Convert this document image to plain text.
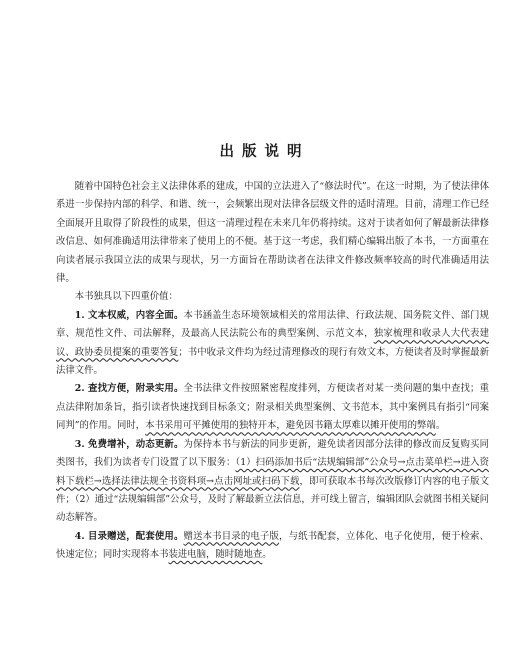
出版说明

随着中国特色社会主义法律体系的建成，中国的立法进入了“修法时代”。在这一时期，为了使法律体系进一步保持内部的科学、和谐、统一，会频繁出现对法律各层级文件的适时清理。目前，清理工作已经全面展开且取得了阶段性的成果，但这一清理过程在未来几年仍将持续。这对于读者如何了解最新法律修改信息、如何准确适用法律带来了使用上的不便。基于这一考虑，我们精心编辑出版了本书，一方面重在向读者展示我国立法的成果与现状，另一方面旨在帮助读者在法律文件修改频率较高的时代准确适用法律。

本书独具以下四重价值：

1. 文本权威，内容全面。本书涵盖生态环境领域相关的常用法律、行政法规、国务院文件、部门规章、规范性文件、司法解释，及最高人民法院公布的典型案例、示范文本，独家梳理和收录人大代表建议、政协委员提案的重要答复；书中收录文件均为经过清理修改的现行有效文本，方便读者及时掌握最新法律文件。

2. 查找方便，附录实用。全书法律文件按照紧密程度排列，方便读者对某一类问题的集中查找；重点法律附加条旨，指引读者快速找到目标条文；附录相关典型案例、文书范本，其中案例具有指引“同案同判”的作用。同时，本书采用可平摊使用的独特开本，避免因书籍太厚难以摊开使用的弊端。

3. 免费增补，动态更新。为保持本书与新法的同步更新，避免读者因部分法律的修改而反复购买同类图书，我们为读者专门设置了以下服务：（1）扫码添加书后“法规编辑部”公众号→点击菜单栏→进入资料下载栏→选择法律法规全书资料项→点击网址或扫码下载，即可获取本书每次改版修订内容的电子版文件；（2）通过“法规编辑部”公众号，及时了解最新立法信息，并可线上留言，编辑团队会就图书相关疑问动态解答。

4. 目录赠送，配套使用。赠送本书目录的电子版，与纸书配套，立体化、电子化使用，便于检索、快速定位；同时实现将本书装进电脑，随时随地查。
